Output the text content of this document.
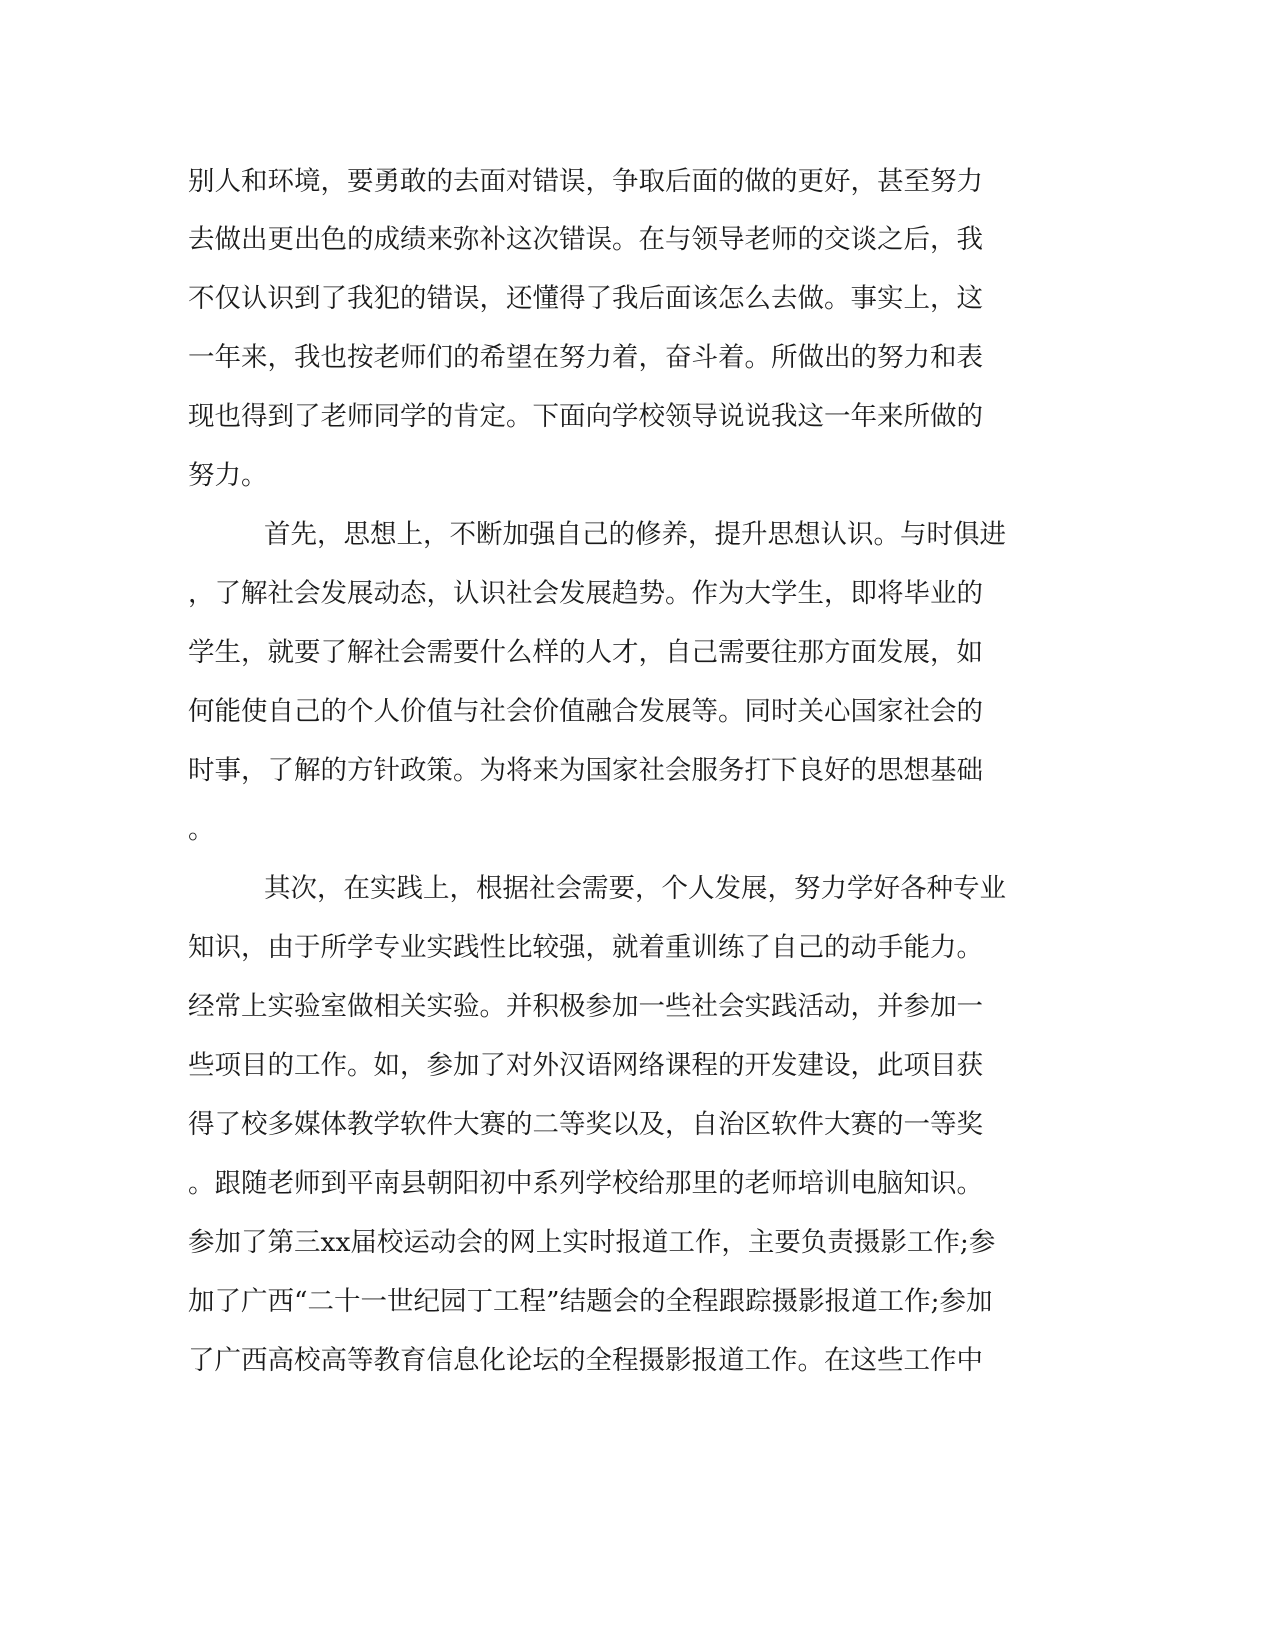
别人和环境，要勇敢的去面对错误，争取后面的做的更好，甚至努力
去做出更出色的成绩来弥补这次错误。在与领导老师的交谈之后，我
不仅认识到了我犯的错误，还懂得了我后面该怎么去做。事实上，这
一年来，我也按老师们的希望在努力着，奋斗着。所做出的努力和表
现也得到了老师同学的肯定。下面向学校领导说说我这一年来所做的
努力。
首先，思想上，不断加强自己的修养，提升思想认识。与时俱进
，了解社会发展动态，认识社会发展趋势。作为大学生，即将毕业的
学生，就要了解社会需要什么样的人才，自己需要往那方面发展，如
何能使自己的个人价值与社会价值融合发展等。同时关心国家社会的
时事，了解的方针政策。为将来为国家社会服务打下良好的思想基础
。
其次，在实践上，根据社会需要，个人发展，努力学好各种专业
知识，由于所学专业实践性比较强，就着重训练了自己的动手能力。
经常上实验室做相关实验。并积极参加一些社会实践活动，并参加一
些项目的工作。如，参加了对外汉语网络课程的开发建设，此项目获
得了校多媒体教学软件大赛的二等奖以及，自治区软件大赛的一等奖
。跟随老师到平南县朝阳初中系列学校给那里的老师培训电脑知识。
参加了第三xx届校运动会的网上实时报道工作，主要负责摄影工作;参
加了广西“二十一世纪园丁工程”结题会的全程跟踪摄影报道工作;参加
了广西高校高等教育信息化论坛的全程摄影报道工作。在这些工作中
